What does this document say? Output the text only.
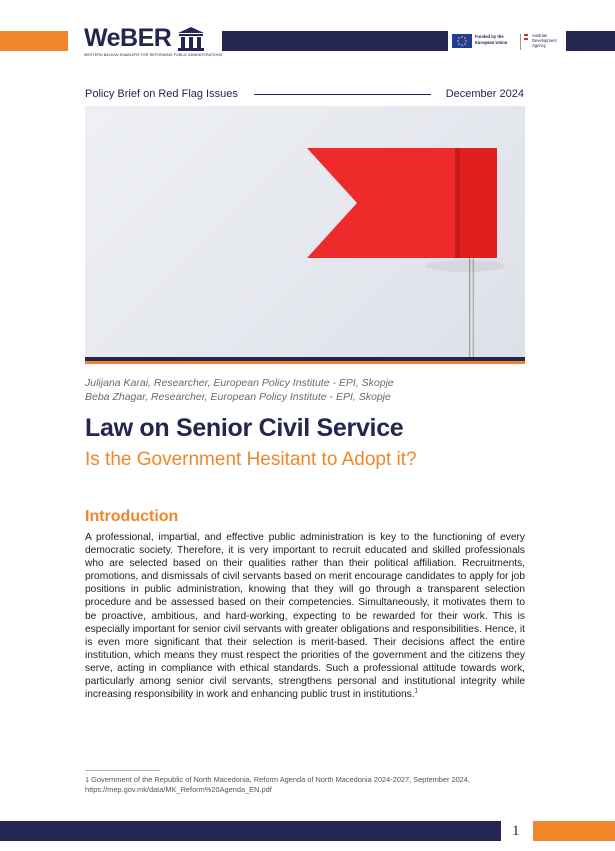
WeBER
WESTERN BALKAN ENABLERS FOR REFORMING PUBLIC ADMINISTRATIONS
Funded by the European Union
Austrian Development Agency
Policy Brief on Red Flag Issues	December 2024
Julijana Karai, Researcher, European Policy Institute - EPI, Skopje
Beba Zhagar, Researcher, European Policy Institute - EPI, Skopje
Law on Senior Civil Service
Is the Government Hesitant to Adopt it?
Introduction
A professional, impartial, and effective public administration is key to the functioning of every democratic society. Therefore, it is very important to recruit educated and skilled professionals who are selected based on their qualities rather than their political affiliation. Recruitments, promotions, and dismissals of civil servants based on merit encourage candidates to apply for job positions in public administration, knowing that they will go through a transparent selection procedure and be assessed based on their competencies. Simultaneously, it motivates them to be proactive, ambitious, and hard-working, expecting to be rewarded for their work. This is especially important for senior civil servants with greater obligations and responsibilities. Hence, it is even more significant that their selection is merit-based. Their decisions affect the entire institution, which means they must respect the priorities of the government and the citizens they serve, acting in compliance with ethical standards. Such a professional attitude towards work, particularly among senior civil servants, strengthens personal and institutional integrity while increasing responsibility in work and enhancing public trust in institutions.$^1$
1 Government of the Republic of North Macedonia, Reform Agenda of North Macedonia 2024-2027, September 2024, https://mep.gov.mk/data/MK_Reform%20Agenda_EN.pdf
1
